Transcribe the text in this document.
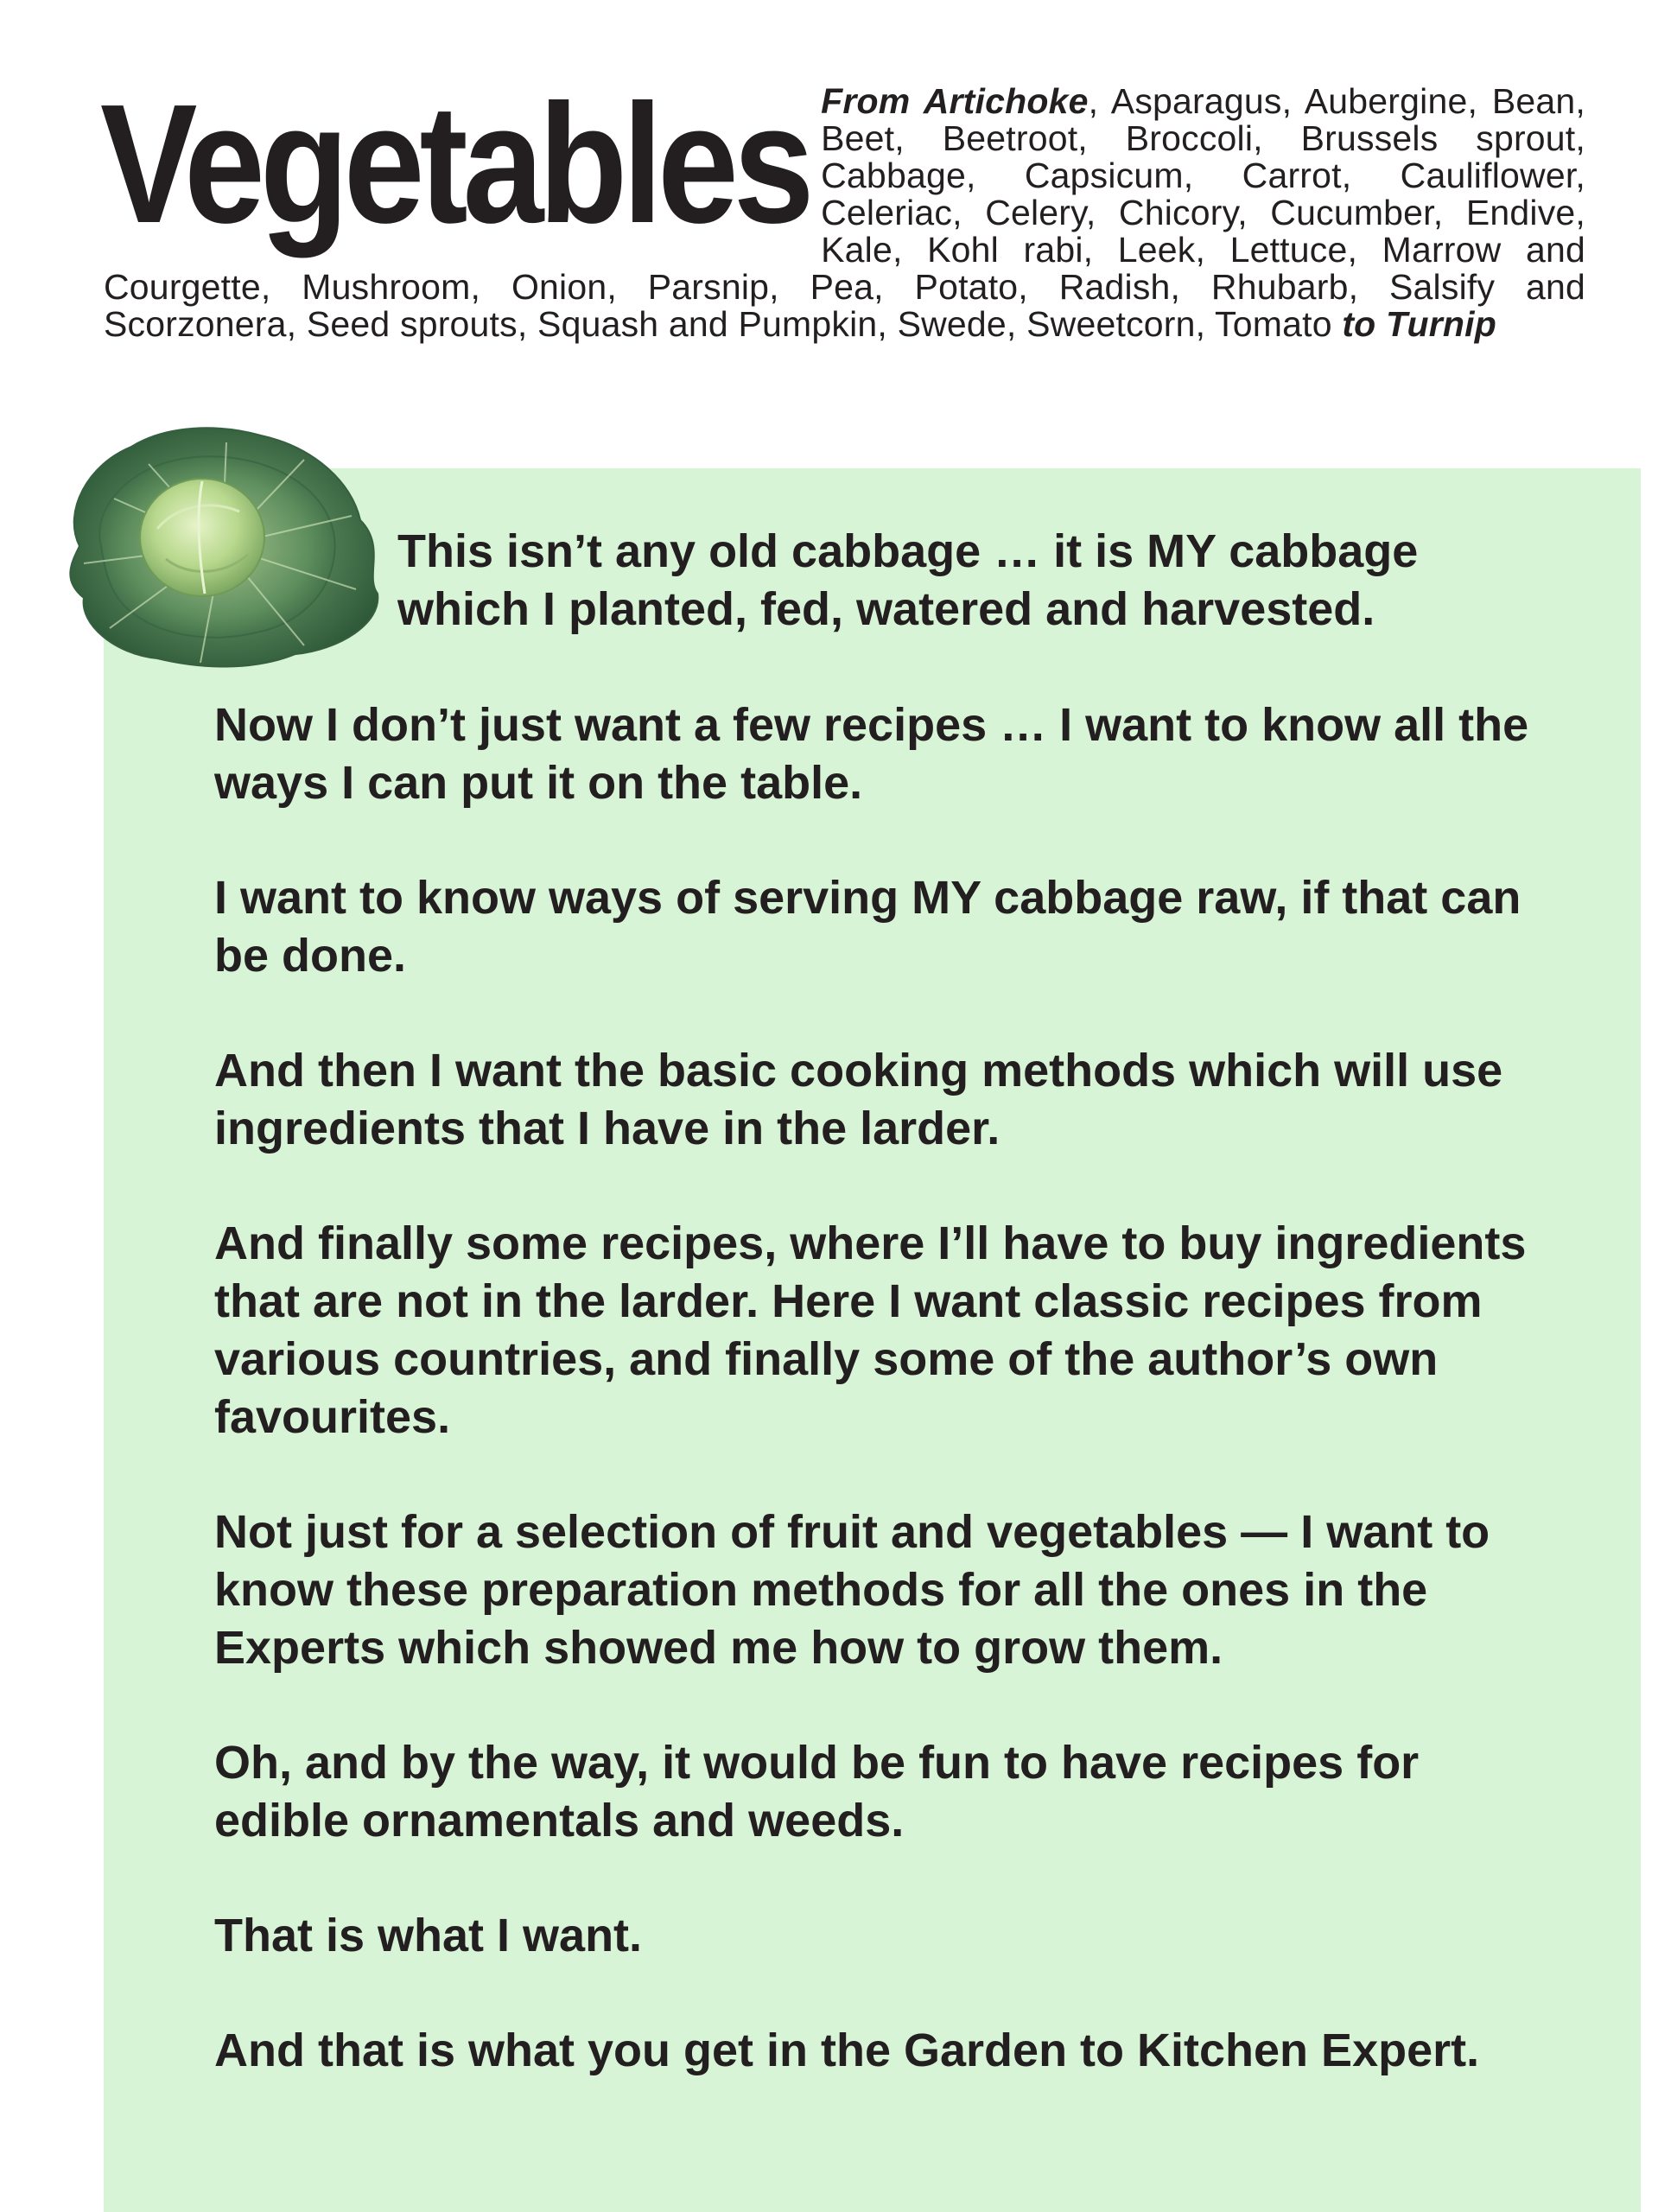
Vegetables From Artichoke, Asparagus, Aubergine, Bean, Beet, Beetroot, Broccoli, Brussels sprout, Cabbage, Capsicum, Carrot, Cauliflower, Celeriac, Celery, Chicory, Cucumber, Endive, Kale, Kohl rabi, Leek, Lettuce, Marrow and Courgette, Mushroom, Onion, Parsnip, Pea, Potato, Radish, Rhubarb, Salsify and Scorzonera, Seed sprouts, Squash and Pumpkin, Swede, Sweetcorn, Tomato to Turnip

This isn’t any old cabbage … it is MY cabbage which I planted, fed, watered and harvested.

Now I don’t just want a few recipes … I want to know all the ways I can put it on the table.

I want to know ways of serving MY cabbage raw, if that can be done.

And then I want the basic cooking methods which will use ingredients that I have in the larder.

And finally some recipes, where I’ll have to buy ingredients that are not in the larder. Here I want classic recipes from various countries, and finally some of the author’s own favourites.

Not just for a selection of fruit and vegetables — I want to know these preparation methods for all the ones in the Experts which showed me how to grow them.

Oh, and by the way, it would be fun to have recipes for edible ornamentals and weeds.

That is what I want.

And that is what you get in the Garden to Kitchen Expert.
